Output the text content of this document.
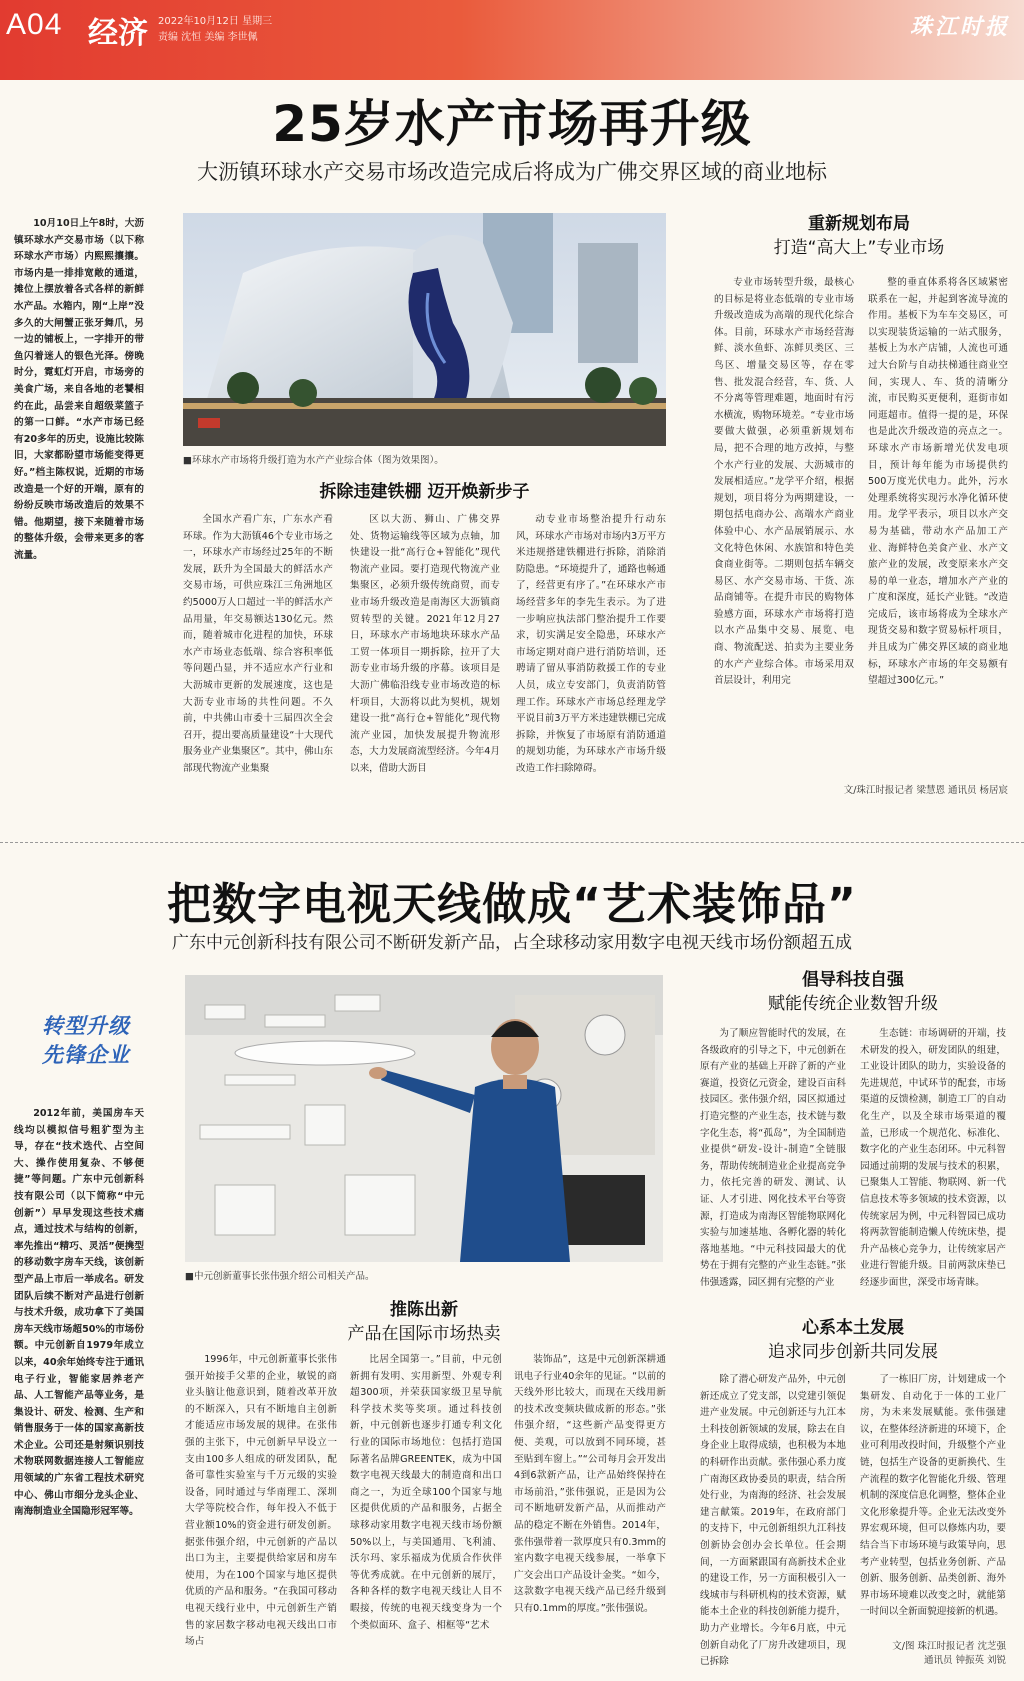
A04 经济 2022年10月12日 星期三
责编 沈恒 美编 李世佩	珠江时报
25岁水产市场再升级
大沥镇环球水产交易市场改造完成后将成为广佛交界区域的商业地标

10月10日上午8时，大沥镇环球水产交易市场（以下称环球水产市场）内熙熙攘攘。市场内是一排排宽敞的通道，摊位上摆放着各式各样的新鲜水产品。水箱内，刚“上岸”没多久的大闸蟹正张牙舞爪，另一边的铺板上，一字排开的带鱼闪着迷人的银色光泽。傍晚时分，霓虹灯开启，市场旁的美食广场，来自各地的老饕相约在此，品尝来自超级菜篮子的第一口鲜。“水产市场已经有20多年的历史，设施比较陈旧，大家都盼望市场能变得更好。”档主陈权说，近期的市场改造是一个好的开端，原有的纷纷反映市场改造后的效果不错。他期望，接下来随着市场的整体升级，会带来更多的客流量。

■环球水产市场将升级打造为水产产业综合体（图为效果图）。
拆除违建铁棚 迈开焕新步子

全国水产看广东，广东水产看环球。作为大沥镇46个专业市场之一，环球水产市场经过25年的不断发展，跃升为全国最大的鲜活水产交易市场，可供应珠江三角洲地区约5000万人口超过一半的鲜活水产品用量，年交易额达130亿元。然而，随着城市化进程的加快，环球水产市场业态低端、综合容积率低等问题凸显，并不适应水产行业和大沥城市更新的发展速度，这也是大沥专业市场的共性问题。不久前，中共佛山市委十三届四次全会召开，提出要高质量建设“十大现代服务业产业集聚区”。其中，佛山东部现代物流产业集聚

区以大沥、狮山、广佛交界处、货物运输线等区域为点轴，加快建设一批“高行仓+智能化”现代物流产业园。要打造现代物流产业集聚区，必须升级传统商贸，而专业市场升级改造是南海区大沥镇商贸转型的关键。2021年12月27日，环球水产市场地块环球水产品工贸一体项目一期拆除，拉开了大沥专业市场升级的序幕。该项目是大沥广佛临沿线专业市场改造的标杆项目，大沥将以此为契机，规划建设一批“高行仓+智能化”现代物流产业园，加快发展提升物流形态，大力发展商流型经济。今年4月以来，借助大沥目

动专业市场整治提升行动东风，环球水产市场对市场内3万平方米违规搭建铁棚进行拆除，消除消防隐患。“环境提升了，通路也畅通了，经营更有序了。”在环球水产市场经营多年的李先生表示。为了进一步响应执法部门整治提升工作要求，切实满足安全隐患，环球水产市场定期对商户进行消防培训，还聘请了留从事消防救援工作的专业人员，成立专安部门，负责消防管理工作。环球水产市场总经理龙学平说目前3万平方米违建铁棚已完成拆除，并恢复了市场原有消防通道的规划功能，为环球水产市场升级改造工作扫除障碍。

重新规划布局
打造“高大上”专业市场

专业市场转型升级，最核心的目标是将业态低端的专业市场升级改造成为高端的现代化综合体。目前，环球水产市场经营海鲜、淡水鱼虾、冻鲜贝类区、三鸟区、增量交易区等，存在零售、批发混合经营，车、货、人不分离等管理难题，地面时有污水横流，购物环境差。“专业市场要做大做强，必须重新规划布局，把不合理的地方改掉，与整个水产行业的发展、大沥城市的发展相适应。”龙学平介绍，根据规划，项目将分为两期建设，一期包括电商办公、高端水产商业体验中心、水产品展销展示、水文化特色休闲、水族馆和特色美食商业街等。二期则包括车辆交易区、水产交易市场、干货、冻品商铺等。在提升市民的购物体验感方面，环球水产市场将打造以水产品集中交易、展览、电商、物流配送、拍卖为主要业务的水产产业综合体。市场采用双首层设计，利用完

整的垂直体系将各区域紧密联系在一起，并起到客流导流的作用。基板下为车车交易区，可以实现装货运输的一站式服务，基板上为水产店铺，人流也可通过大台阶与自动扶梯通往商业空间，实现人、车、货的清晰分流，市民购买更便利，逛街市如同逛超市。值得一提的是，环保也是此次升级改造的亮点之一。环球水产市场新增光伏发电项目，预计每年能为市场提供约500万度光伏电力。此外，污水处理系统将实现污水净化循环使用。龙学平表示，项目以水产交易为基础，带动水产品加工产业、海鲜特色美食产业、水产文旅产业的发展，改变原来水产交易的单一业态，增加水产产业的广度和深度，延长产业链。“改造完成后，该市场将成为全球水产现货交易和数字贸易标杆项目，并且成为广佛交界区域的商业地标，环球水产市场的年交易额有望超过300亿元。”

文/珠江时报记者 梁慧恩 通讯员 杨居宸
把数字电视天线做成“艺术装饰品”
广东中元创新科技有限公司不断研发新产品，占全球移动家用数字电视天线市场份额超五成
转型升级
先锋企业

2012年前，美国房车天线均以模拟信号粗犷型为主导，存在“技术迭代、占空间大、操作使用复杂、不够便捷”等问题。广东中元创新科技有限公司（以下简称“中元创新”）早早发现这些技术痛点，通过技术与结构的创新，率先推出“精巧、灵活”便携型的移动数字房车天线，该创新型产品上市后一举成名。研发团队后续不断对产品进行创新与技术升级，成功拿下了美国房车天线市场超50%的市场份额。中元创新自1979年成立以来，40余年始终专注于通讯电子行业，智能家居养老产品、人工智能产品等业务，是集设计、研发、检测、生产和销售服务于一体的国家高新技术企业。公司还是射频识别技术物联网数据连接人工智能应用领域的广东省工程技术研究中心、佛山市细分龙头企业、南海制造业全国隐形冠军等。

■中元创新董事长张伟强介绍公司相关产品。
推陈出新
产品在国际市场热卖

1996年，中元创新董事长张伟强开始接手父辈的企业，敏锐的商业头脑让他意识到，随着改革开放的不断深入，只有不断地自主创新才能适应市场发展的规律。在张伟强的主张下，中元创新早早设立一支由100多人组成的研发团队，配备可靠性实验室与千万元级的实验设备，同时通过与华南理工、深圳大学等院校合作，每年投入不低于营业额10%的资金进行研发创新。据张伟强介绍，中元创新的产品以出口为主，主要提供给家居和房车使用，为在100个国家与地区提供优质的产品和服务。“在我国可移动电视天线行业中，中元创新生产销售的家居数字移动电视天线出口市场占

比居全国第一。”目前，中元创新拥有发明、实用新型、外观专利超300项，并荣获国家级卫星导航科学技术奖等奖项。通过科技创新，中元创新也逐步打通专利文化行业的国际市场地位：包括打造国际著名品牌GREENTEK，成为中国数字电视天线最大的制造商和出口商之一，为近全球100个国家与地区提供优质的产品和服务，占据全球移动家用数字电视天线市场份额50%以上，与美国通用、飞利浦、沃尔玛、家乐福成为优质合作伙伴等优秀成就。在中元创新的展厅，各种各样的数字电视天线让人目不暇接，传统的电视天线变身为一个个类似面环、盒子、相框等“艺术

装饰品”，这是中元创新深耕通讯电子行业40余年的见证。“以前的天线外形比较大，而现在天线用新的技术改变频块做成新的形态。”张伟强介绍，“这些新产品变得更方便、美观，可以放到不同环境，甚至贴到车窗上。”“公司每月会开发出4到6款新产品，让产品始终保持在市场前沿，”张伟强说，正是因为公司不断地研发新产品，从而推动产品的稳定不断在外销售。2014年，张伟强带着一款厚度只有0.3mm的室内数字电视天线参展，一举拿下广交会出口产品设计金奖。“如今，这款数字电视天线产品已经升级到只有0.1mm的厚度。”张伟强说。

倡导科技自强
赋能传统企业数智升级

为了顺应智能时代的发展，在各级政府的引导之下，中元创新在原有产业的基础上开辟了新的产业赛道，投资亿元资金，建设百亩科技园区。张伟强介绍，园区拟通过打造完整的产业生态，技术链与数字化生态，将“孤岛”，为全国制造业提供“研发-设计-制造”全链服务，帮助传统制造业企业提高竞争力，依托完善的研发、测试、认证、人才引进、网化技术平台等资源，打造成为南海区智能物联网化实验与加速基地、各孵化器的转化落地基地。“中元科技园最大的优势在于拥有完整的产业生态链。”张伟强透露，园区拥有完整的产业

生态链：市场调研的开端，技术研发的投入，研发团队的组建，工业设计团队的助力，实验设备的先进规范，中试环节的配套，市场渠道的反馈检测，制造工厂的自动化生产，以及全球市场渠道的覆盖，已形成一个规范化、标准化、数字化的产业生态闭环。中元科智园通过前期的发展与技术的积累，已聚集人工智能、物联网、新一代信息技术等多领域的技术资源，以传统家居为例，中元科智园已成功将两款智能制造懒人传统床垫，提升产品核心竞争力，让传统家居产业进行智能升级。目前两款床垫已经逐步面世，深受市场青睐。

心系本土发展
追求同步创新共同发展

除了潜心研发产品外，中元创新还成立了党支部，以党建引领促进产业发展。中元创新还与九江本土科技创新领域的发展，除去在自身企业上取得成绩，也积极为本地的科研作出贡献。张伟强心系力度广南海区政协委员的职责，结合所处行业，为南海的经济、社会发展建言献策。2019年，在政府部门的支持下，中元创新组织九江科技创新协会创办会长单位。任会期间，一方面紧跟国有高新技术企业的建设工作，另一方面积极引入一线城市与科研机构的技术资源，赋能本土企业的科技创新能力提升，助力产业增长。今年6月底，中元创新自动化了厂房升改建项目，现已拆除

了一栋旧厂房，计划建成一个集研发、自动化于一体的工业厂房，为未来发展赋能。张伟强建议，在整体经济新进的环境下，企业可利用改投时间，升级整个产业链，包括生产设备的更新换代、生产流程的数字化智能化升级、管理机制的深度信息化调整，整体企业文化形象提升等。企业无法改变外界宏观环境，但可以修炼内功，要结合当下市场环境与政策导向，思考产业转型，包括业务创新、产品创新、服务创新、品类创新、海外界市场环境难以改变之时，就能第一时间以全新面貌迎接新的机遇。

文/图 珠江时报记者 沈芝强
通讯员 钟振英 刘锐
